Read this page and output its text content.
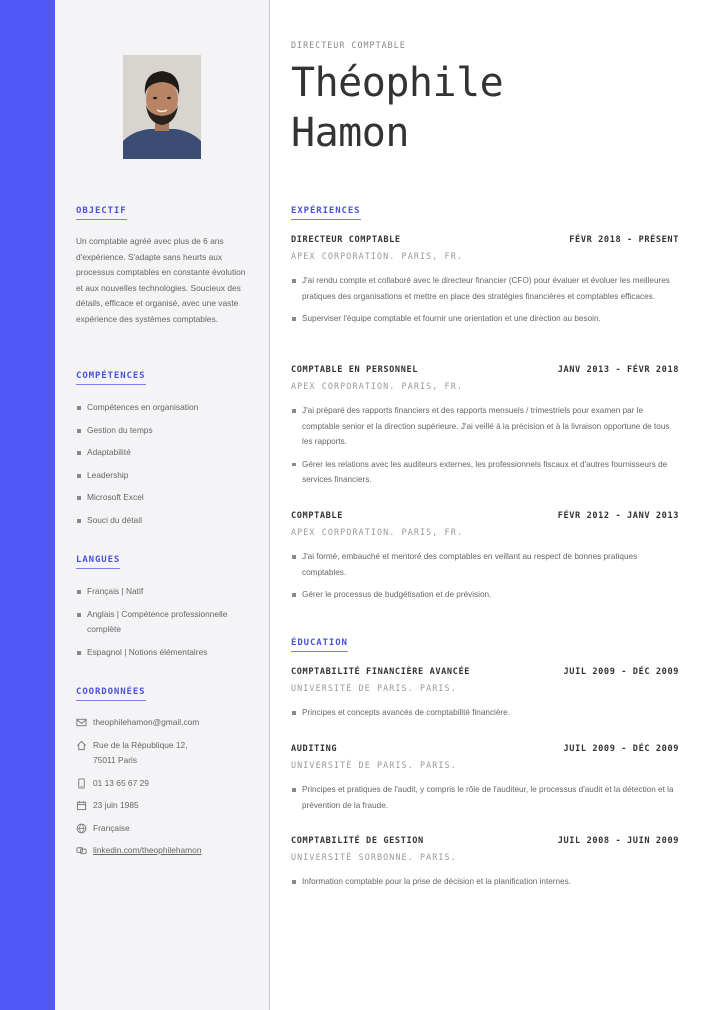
OBJECTIF
Un comptable agréé avec plus de 6 ans d'expérience. S'adapte sans heurts aux processus comptables en constante évolution et aux nouvelles technologies. Soucieux des détails, efficace et organisé, avec une vaste expérience des systèmes comptables.
COMPÉTENCES
Compétences en organisation
Gestion du temps
Adaptabilité
Leadership
Microsoft Excel
Souci du détail
LANGUES
Français | Natif
Anglais | Compétence professionnelle complète
Espagnol | Notions élémentaires
COORDONNÉES
theophilehamon@gmail.com
Rue de la République 12,
75011 Paris
01 13 65 67 29
23 juin 1985
Française
linkedin.com/theophilehamon
DIRECTEUR COMPTABLE
Théophile
Hamon
EXPÉRIENCES
DIRECTEUR COMPTABLE	FÉVR 2018 - PRÉSENT
APEX CORPORATION. PARIS, FR.
J'ai rendu compte et collaboré avec le directeur financier (CFO) pour évaluer et évoluer les meilleures pratiques des organisations et mettre en place des stratégies financières et comptables efficaces.
Superviser l'équipe comptable et fournir une orientation et une direction au besoin.
COMPTABLE EN PERSONNEL	JANV 2013 - FÉVR 2018
APEX CORPORATION. PARIS, FR.
J'ai préparé des rapports financiers et des rapports mensuels / trimestriels pour examen par le comptable senior et la direction supérieure. J'ai veillé à la précision et à la livraison opportune de tous les rapports.
Gérer les relations avec les auditeurs externes, les professionnels fiscaux et d'autres fournisseurs de services financiers.
COMPTABLE	FÉVR 2012 - JANV 2013
APEX CORPORATION. PARIS, FR.
J'ai formé, embauché et mentoré des comptables en veillant au respect de bonnes pratiques comptables.
Gérer le processus de budgétisation et de prévision.
ÉDUCATION
COMPTABILITÉ FINANCIÈRE AVANCÉE	JUIL 2009 - DÉC 2009
UNIVERSITÉ DE PARIS. PARIS.
Principes et concepts avancés de comptabilité financière.
AUDITING	JUIL 2009 - DÉC 2009
UNIVERSITÉ DE PARIS. PARIS.
Principes et pratiques de l'audit, y compris le rôle de l'auditeur, le processus d'audit et la détection et la prévention de la fraude.
COMPTABILITÉ DE GESTION	JUIL 2008 - JUIN 2009
UNIVERSITÉ SORBONNE. PARIS.
Information comptable pour la prise de décision et la planification internes.
